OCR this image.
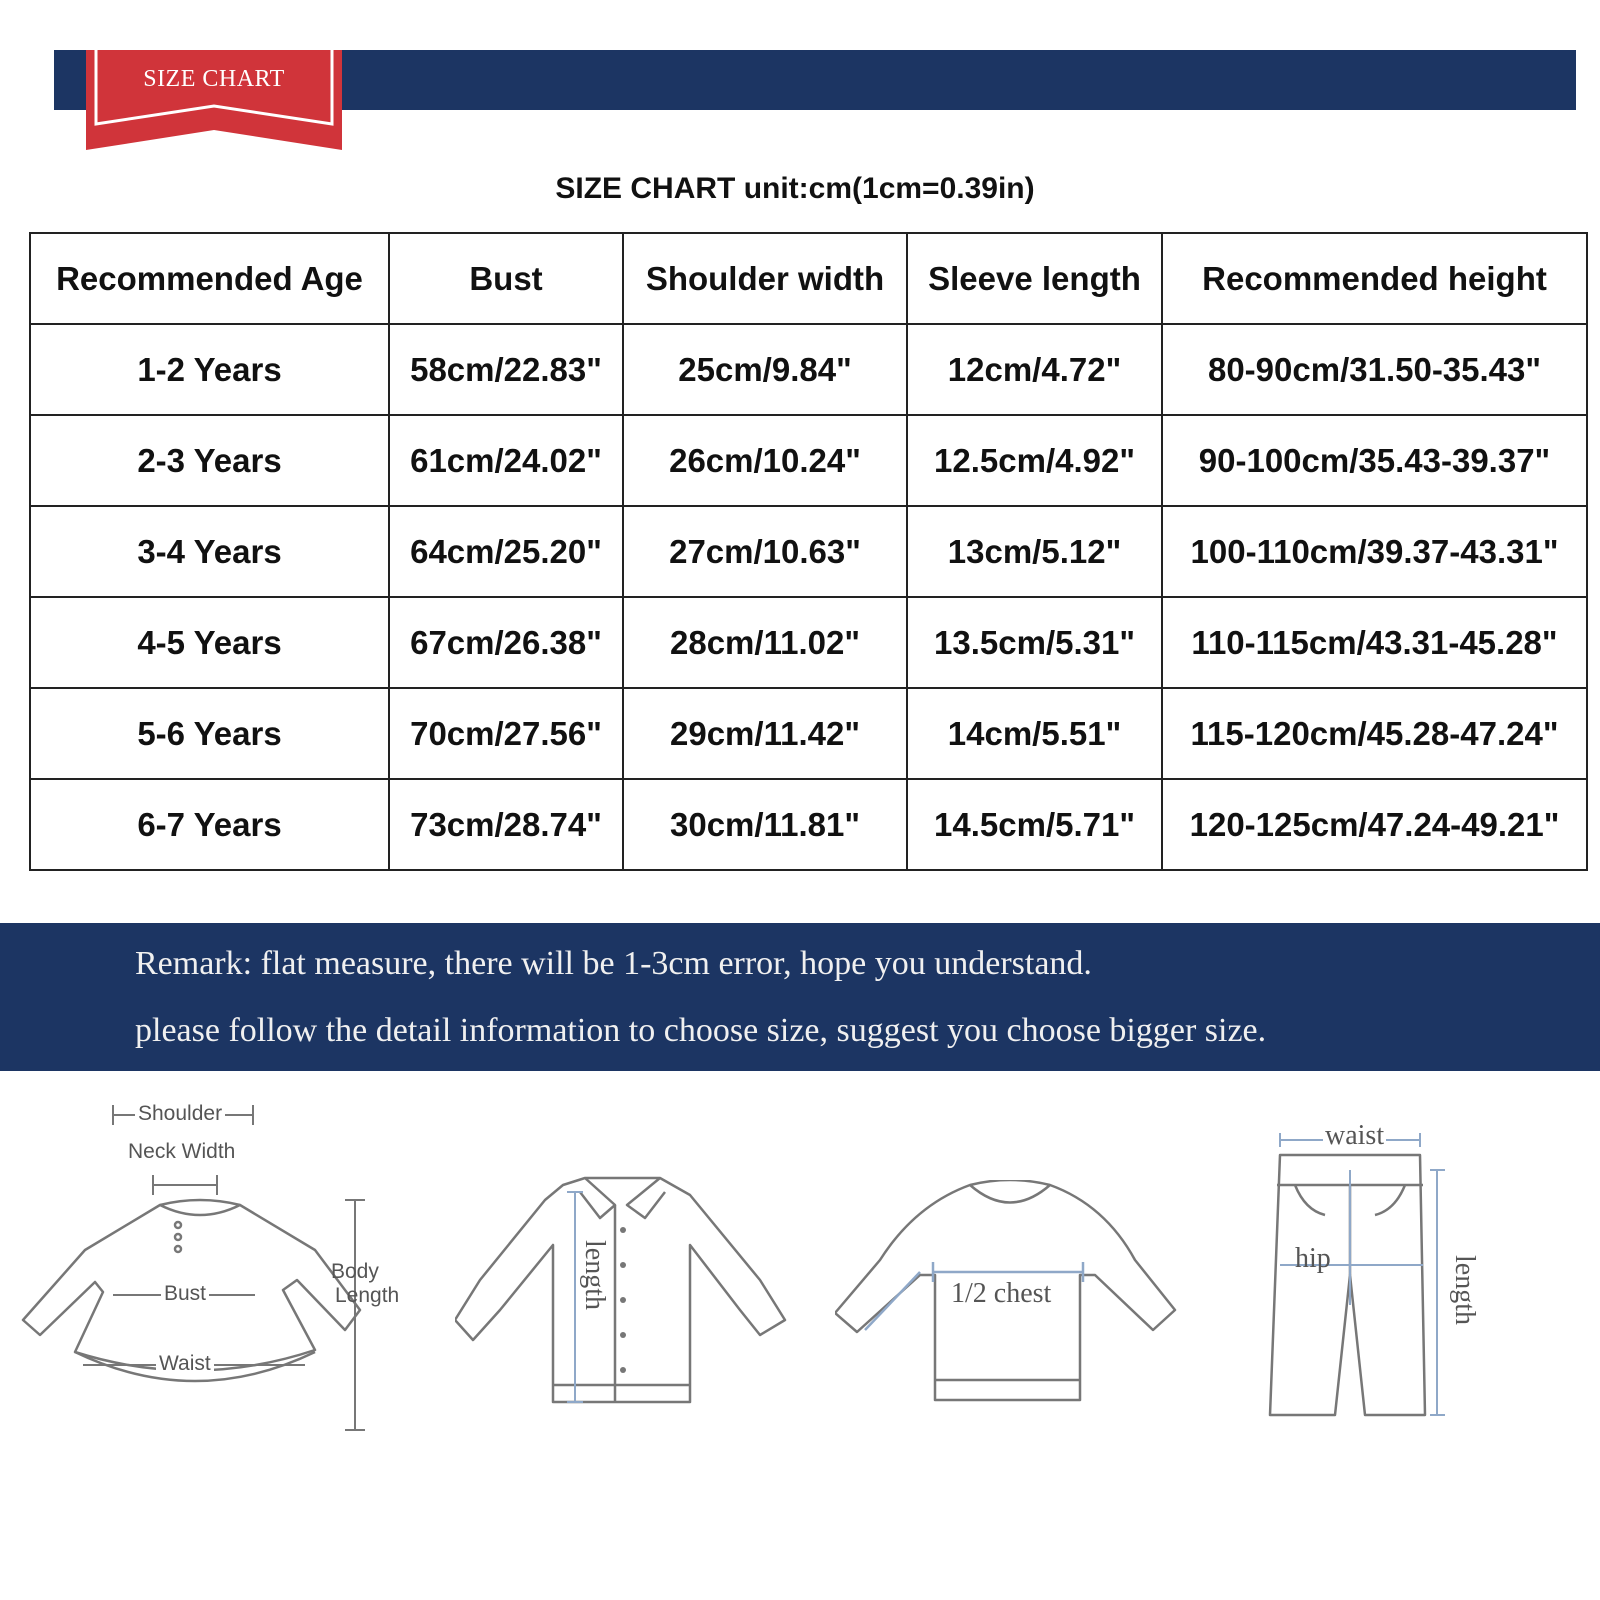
SIZE CHART
SIZE CHART unit:cm(1cm=0.39in)
Recommended Age	Bust	Shoulder width	Sleeve length	Recommended height
1-2 Years	58cm/22.83"	25cm/9.84"	12cm/4.72"	80-90cm/31.50-35.43"
2-3 Years	61cm/24.02"	26cm/10.24"	12.5cm/4.92"	90-100cm/35.43-39.37"
3-4 Years	64cm/25.20"	27cm/10.63"	13cm/5.12"	100-110cm/39.37-43.31"
4-5 Years	67cm/26.38"	28cm/11.02"	13.5cm/5.31"	110-115cm/43.31-45.28"
5-6 Years	70cm/27.56"	29cm/11.42"	14cm/5.51"	115-120cm/45.28-47.24"
6-7 Years	73cm/28.74"	30cm/11.81"	14.5cm/5.71"	120-125cm/47.24-49.21"
Remark: flat measure, there will be 1-3cm error, hope you understand.
please follow the detail information to choose size, suggest you choose bigger size.
Shoulder
Neck Width
Bust
Waist
Body
Length	length	1/2 chest
waist
hip	length
